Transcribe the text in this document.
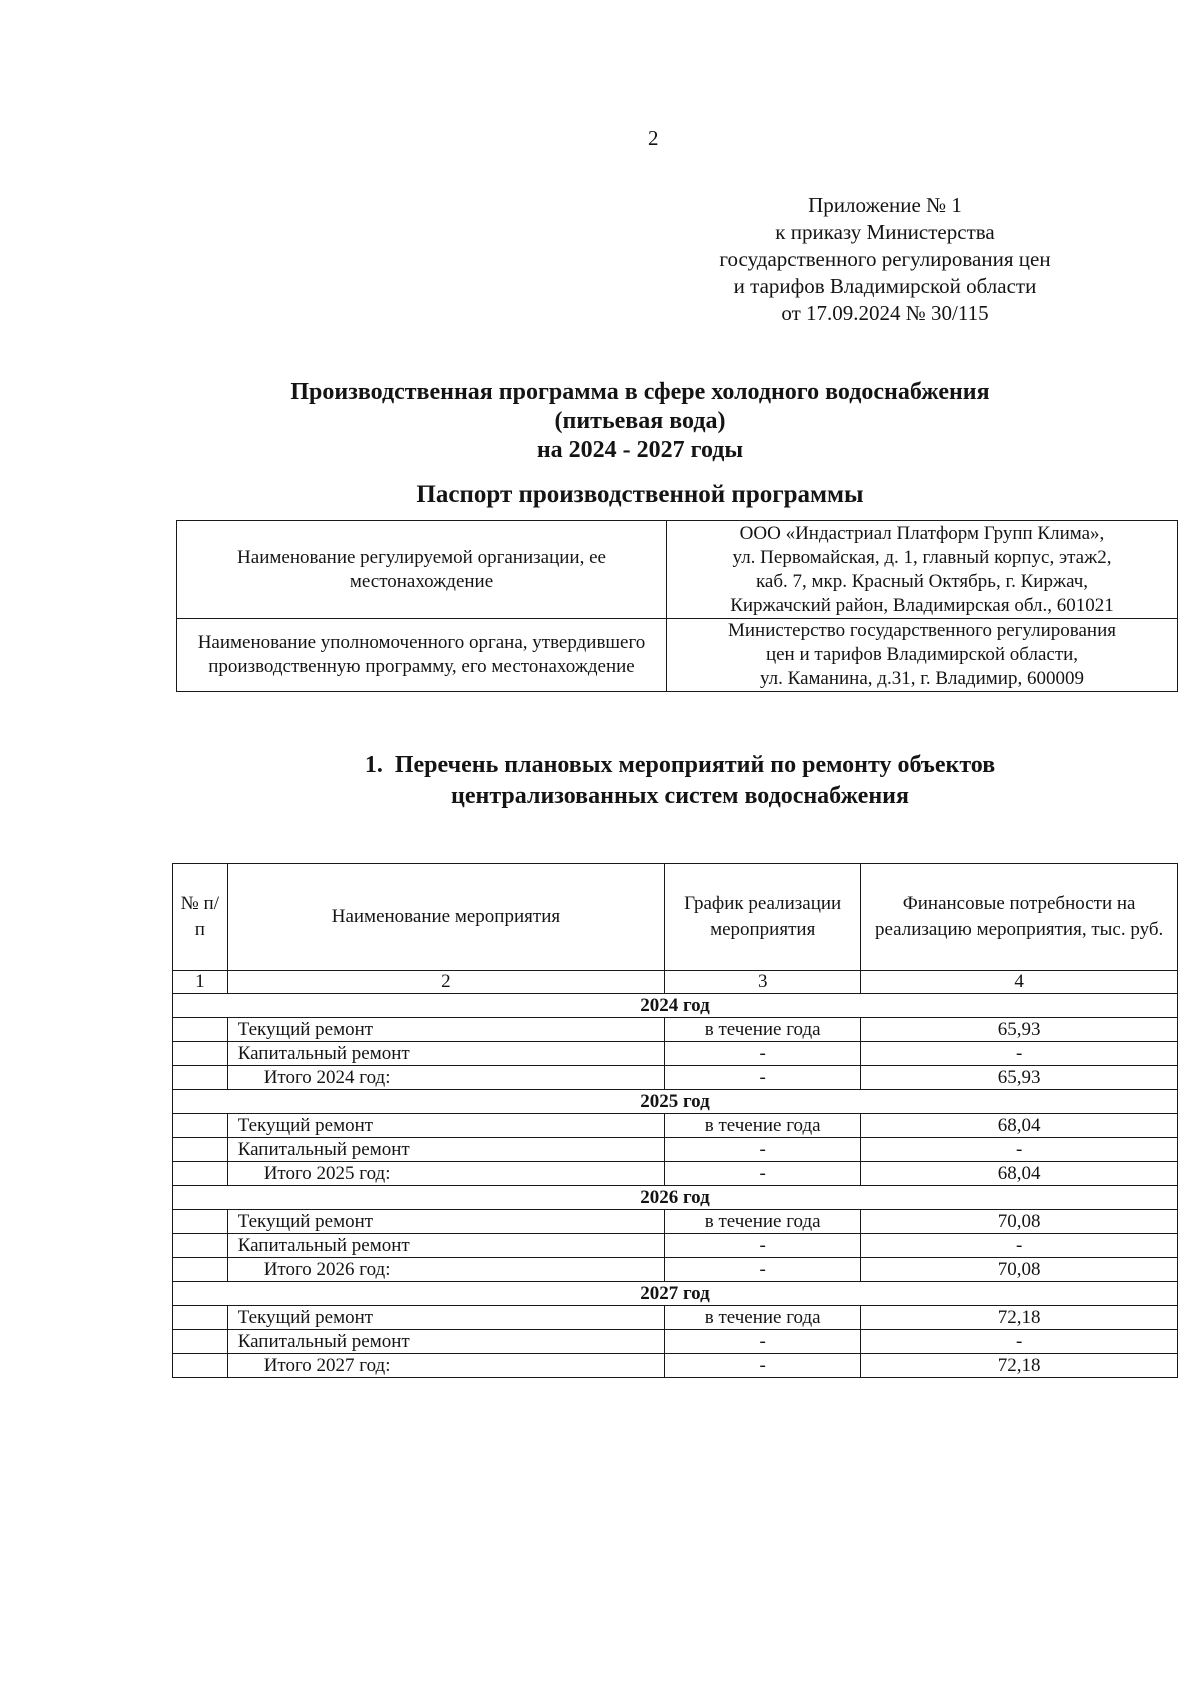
2
Приложение № 1
к приказу Министерства
государственного регулирования цен
и тарифов Владимирской области
от 17.09.2024 № 30/115
Производственная программа в сфере холодного водоснабжения
(питьевая вода)
на 2024 - 2027 годы
Паспорт производственной программы
Наименование регулируемой организации, ее местонахождение	ООО «Индастриал Платформ Групп Клима»,
ул. Первомайская, д. 1, главный корпус, этаж2,
каб. 7, мкр. Красный Октябрь, г. Киржач,
Киржачский район, Владимирская обл., 601021

Наименование уполномоченного органа, утвердившего производственную программу, его местонахождение	Министерство государственного регулирования
цен и тарифов Владимирской области,
ул. Каманина, д.31, г. Владимир, 600009
1. Перечень плановых мероприятий по ремонту объектов
централизованных систем водоснабжения
№ п/п	Наименование мероприятия	График реализации мероприятия	Финансовые потребности на реализацию мероприятия, тыс. руб.
1	2	3	4
2024 год			
	Текущий ремонт	в течение года	65,93
	Капитальный ремонт	-	-
	Итого 2024 год:	-	65,93
2025 год			
	Текущий ремонт	в течение года	68,04
	Капитальный ремонт	-	-
	Итого 2025 год:	-	68,04
2026 год			
	Текущий ремонт	в течение года	70,08
	Капитальный ремонт	-	-
	Итого 2026 год:	-	70,08
2027 год			
	Текущий ремонт	в течение года	72,18
	Капитальный ремонт	-	-
	Итого 2027 год:	-	72,18
